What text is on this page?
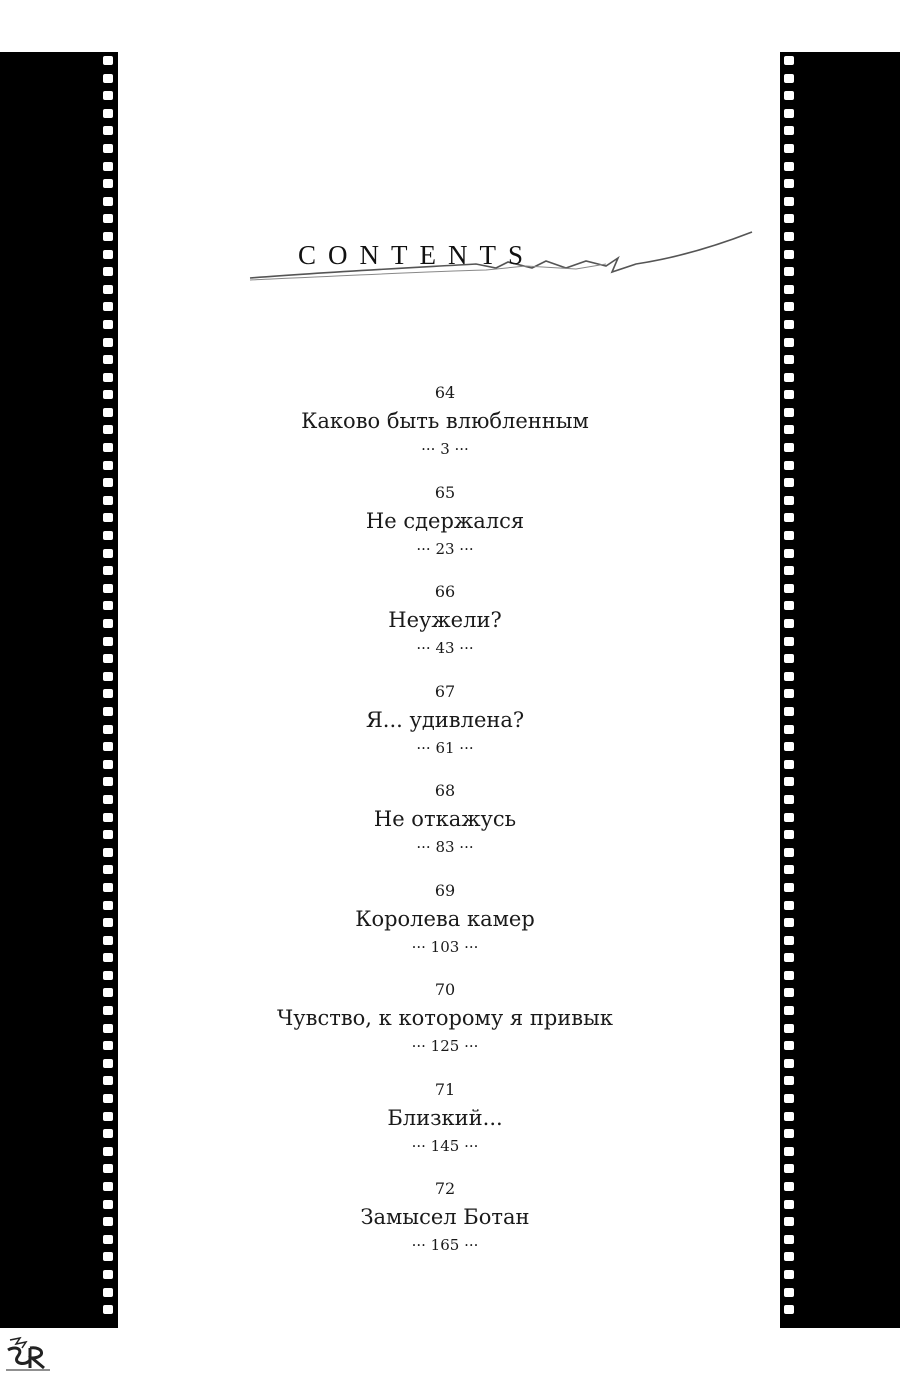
CONTENTS
64
Каково быть влюбленным
··· 3 ···
65
Не сдержался
··· 23 ···
66
Неужели?
··· 43 ···
67
Я... удивлена?
··· 61 ···
68
Не откажусь
··· 83 ···
69
Королева камер
··· 103 ···
70
Чувство, к которому я привык
··· 125 ···
71
Близкий...
··· 145 ···
72
Замысел Ботан
··· 165 ···
